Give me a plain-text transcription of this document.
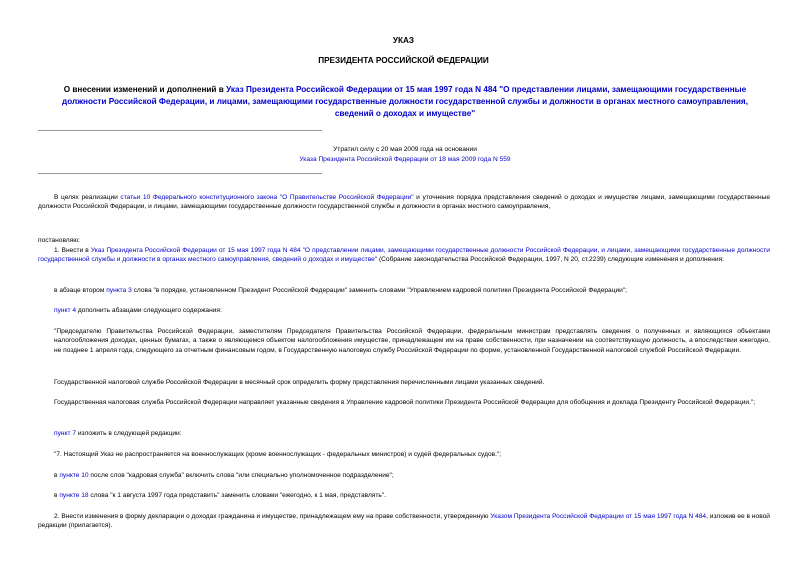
УКАЗ
ПРЕЗИДЕНТА РОССИЙСКОЙ ФЕДЕРАЦИИ
О внесении изменений и дополнений в Указ Президента Российской Федерации от 15 мая 1997 года N 484 "О представлении лицами, замещающими государственные должности Российской Федерации, и лицами, замещающими государственные должности государственной службы и должности в органах местного самоуправления, сведений о доходах и имуществе"
Утратил силу с 20 мая 2009 года на основании
Указа Президента Российской Федерации от 18 мая 2009 года N 559
В целях реализации статьи 10 Федерального конституционного закона "О Правительстве Российской Федерации" и уточнения порядка представления сведений о доходах и имуществе лицами, замещающими государственные должности Российской Федерации, и лицами, замещающими государственные должности государственной службы и должности в органах местного самоуправления,
постановляю:
1. Внести в Указ Президента Российской Федерации от 15 мая 1997 года N 484 "О представлении лицами, замещающими государственные должности Российской Федерации, и лицами, замещающими государственные должности государственной службы и должности в органах местного самоуправления, сведений о доходах и имуществе" (Собрание законодательства Российской Федерации, 1997, N 20, ст.2239) следующие изменения и дополнения:
в абзаце втором пункта 3 слова "в порядке, установленном Президент Российской Федерации" заменить словами "Управлением кадровой политики Президента Российской Федерации";
пункт 4 дополнить абзацами следующего содержания:
"Председателю Правительства Российской Федерации, заместителям Председателя Правительства Российской Федерации, федеральным министрам представлять сведения о полученных и являющихся объектами налогообложения доходах, ценных бумагах, а также о являющемся объектом налогообложения имуществе, принадлежащем им на праве собственности, при назначении на соответствующую должность, а впоследствии ежегодно, не позднее 1 апреля года, следующего за отчетным финансовым годом, в Государственную налоговую службу Российской Федерации по форме, установленной Государственной налоговой службой Российской Федерации.
Государственной налоговой службе Российской Федерации в месячный срок определить форму представления перечисленными лицами указанных сведений.
Государственная налоговая служба Российской Федерации направляет указанные сведения в Управление кадровой политики Президента Российской Федерации для обобщения и доклада Президенту Российской Федерации.";
пункт 7 изложить в следующей редакции:
"7. Настоящий Указ не распространяется на военнослужащих (кроме военнослужащих - федеральных министров) и судей федеральных судов.";
в пункте 10 после слов "кадровая служба" включить слова "или специально уполномоченное подразделение";
в пункте 18 слова "к 1 августа 1997 года представить" заменить словами "ежегодно, к 1 мая, представлять".
2. Внести изменения в форму декларации о доходах гражданина и имуществе, принадлежащем ему на праве собственности, утвержденную Указом Президента Российской Федерации от 15 мая 1997 года N 484, изложив ее в новой редакции (прилагается).
